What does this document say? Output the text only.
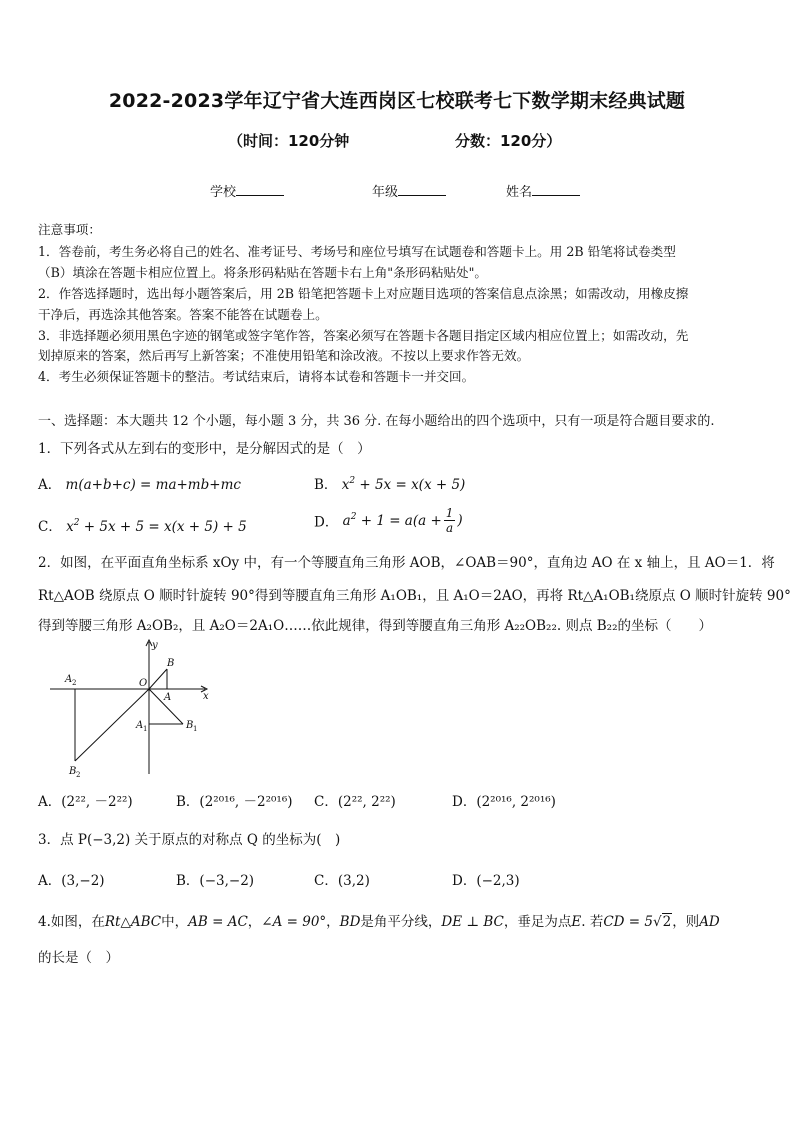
2022-2023学年辽宁省大连西岗区七校联考七下数学期末经典试题
（时间：120分钟	分数：120分）
学校	年级	姓名
注意事项：
1．答卷前，考生务必将自己的姓名、准考证号、考场号和座位号填写在试题卷和答题卡上。用 2B 铅笔将试卷类型
（B）填涂在答题卡相应位置上。将条形码粘贴在答题卡右上角"条形码粘贴处"。
2．作答选择题时，选出每小题答案后，用 2B 铅笔把答题卡上对应题目选项的答案信息点涂黑；如需改动，用橡皮擦
干净后，再选涂其他答案。答案不能答在试题卷上。
3．非选择题必须用黑色字迹的钢笔或签字笔作答，答案必须写在答题卡各题目指定区域内相应位置上；如需改动，先
划掉原来的答案，然后再写上新答案；不准使用铅笔和涂改液。不按以上要求作答无效。
4．考生必须保证答题卡的整洁。考试结束后，请将本试卷和答题卡一并交回。
一、选择题：本大题共 12 个小题，每小题 3 分，共 36 分. 在每小题给出的四个选项中，只有一项是符合题目要求的.
1．下列各式从左到右的变形中，是分解因式的是（　）
A． m(a+b+c) = ma+mb+mc	B． $x^2 + 5x = x(x + 5)$
C． $x^2 + 5x + 5 = x(x + 5) + 5$	D． $a^2 + 1 = a(a + \frac{1}{a}$ )
2．如图，在平面直角坐标系 xOy 中，有一个等腰直角三角形 AOB，∠OAB＝90°，直角边 AO 在 x 轴上，且 AO＝1．将
Rt△AOB 绕原点 O 顺时针旋转 90°得到等腰直角三角形 A₁OB₁，且 A₁O＝2AO，再将 Rt△A₁OB₁绕原点 O 顺时针旋转 90°
得到等腰三角形 A₂OB₂，且 A₂O＝2A₁O……依此规律，得到等腰直角三角形 A₂₂OB₂₂. 则点 B₂₂的坐标（　　）
y
x
O
A
B
A 1	B 1
A 2
B 2
A．(2²², －2²²)	B．(2²⁰¹⁶, －2²⁰¹⁶) C．(2²², 2²²)	D．(2²⁰¹⁶, 2²⁰¹⁶)
3．点 P(−3,2) 关于原点的对称点 Q 的坐标为(　)
A．(3,−2)	B．(−3,−2)	C．(3,2)	D．(−2,3)
4.如图，在Rt△ABC中，AB = AC，∠A = 90°，BD是角平分线，DE ⊥ BC，垂足为点E. 若CD = 5√2，则AD
的长是（　）
